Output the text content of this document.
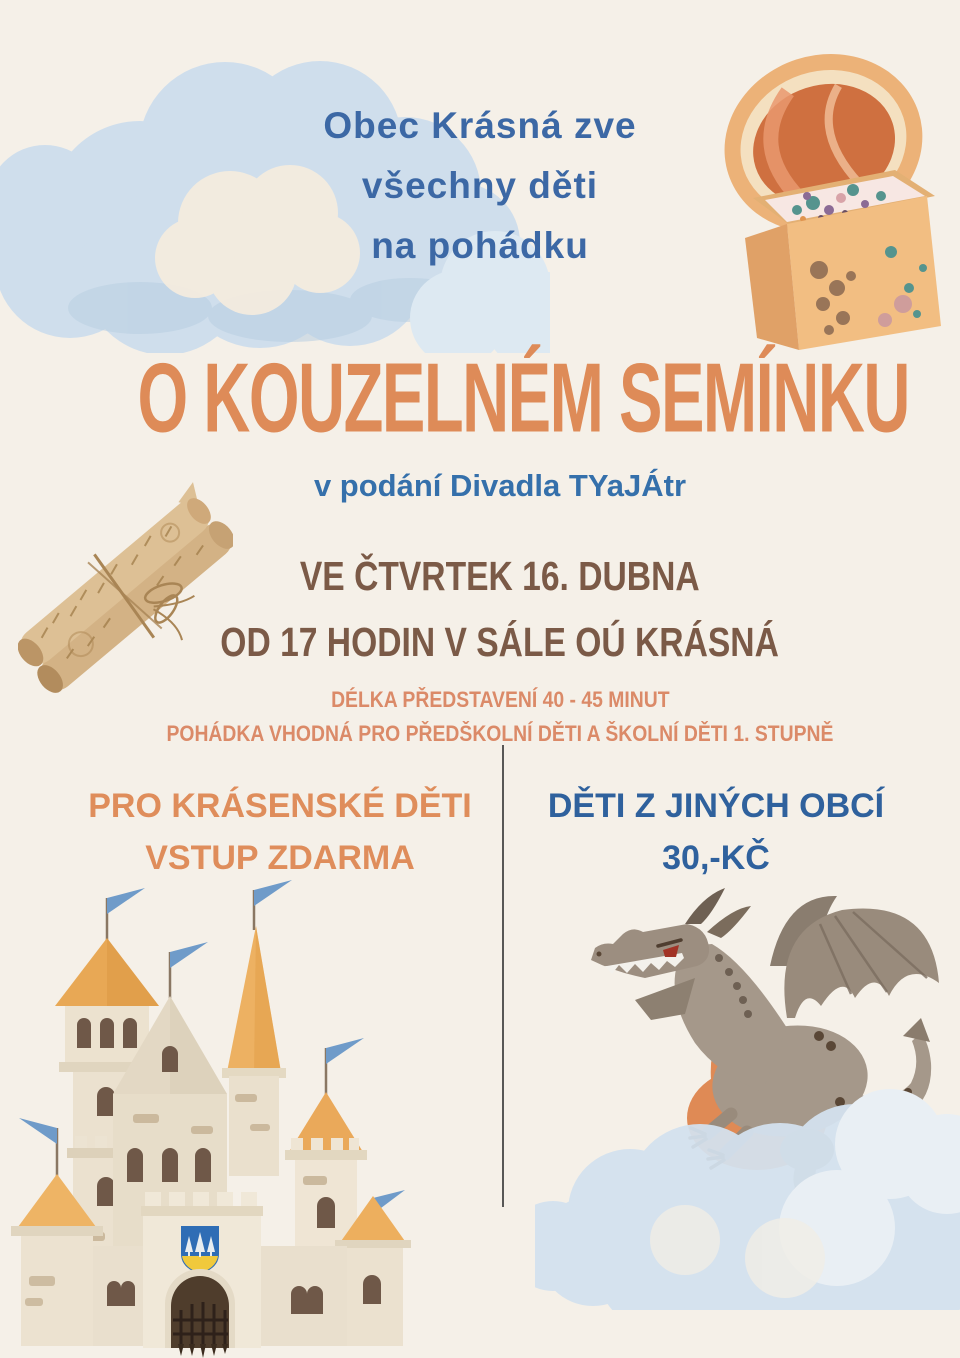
Obec Krásná zve
všechny děti
na pohádku
O KOUZELNÉM SEMÍNKU
v podání Divadla TYaJÁtr
VE ČTVRTEK 16. DUBNA
OD 17 HODIN V SÁLE OÚ KRÁSNÁ
DÉLKA PŘEDSTAVENÍ 40 - 45 MINUT
POHÁDKA VHODNÁ PRO PŘEDŠKOLNÍ DĚTI A ŠKOLNÍ DĚTI 1. STUPNĚ
PRO KRÁSENSKÉ DĚTI
VSTUP ZDARMA
DĚTI Z JINÝCH OBCÍ
30,-KČ
